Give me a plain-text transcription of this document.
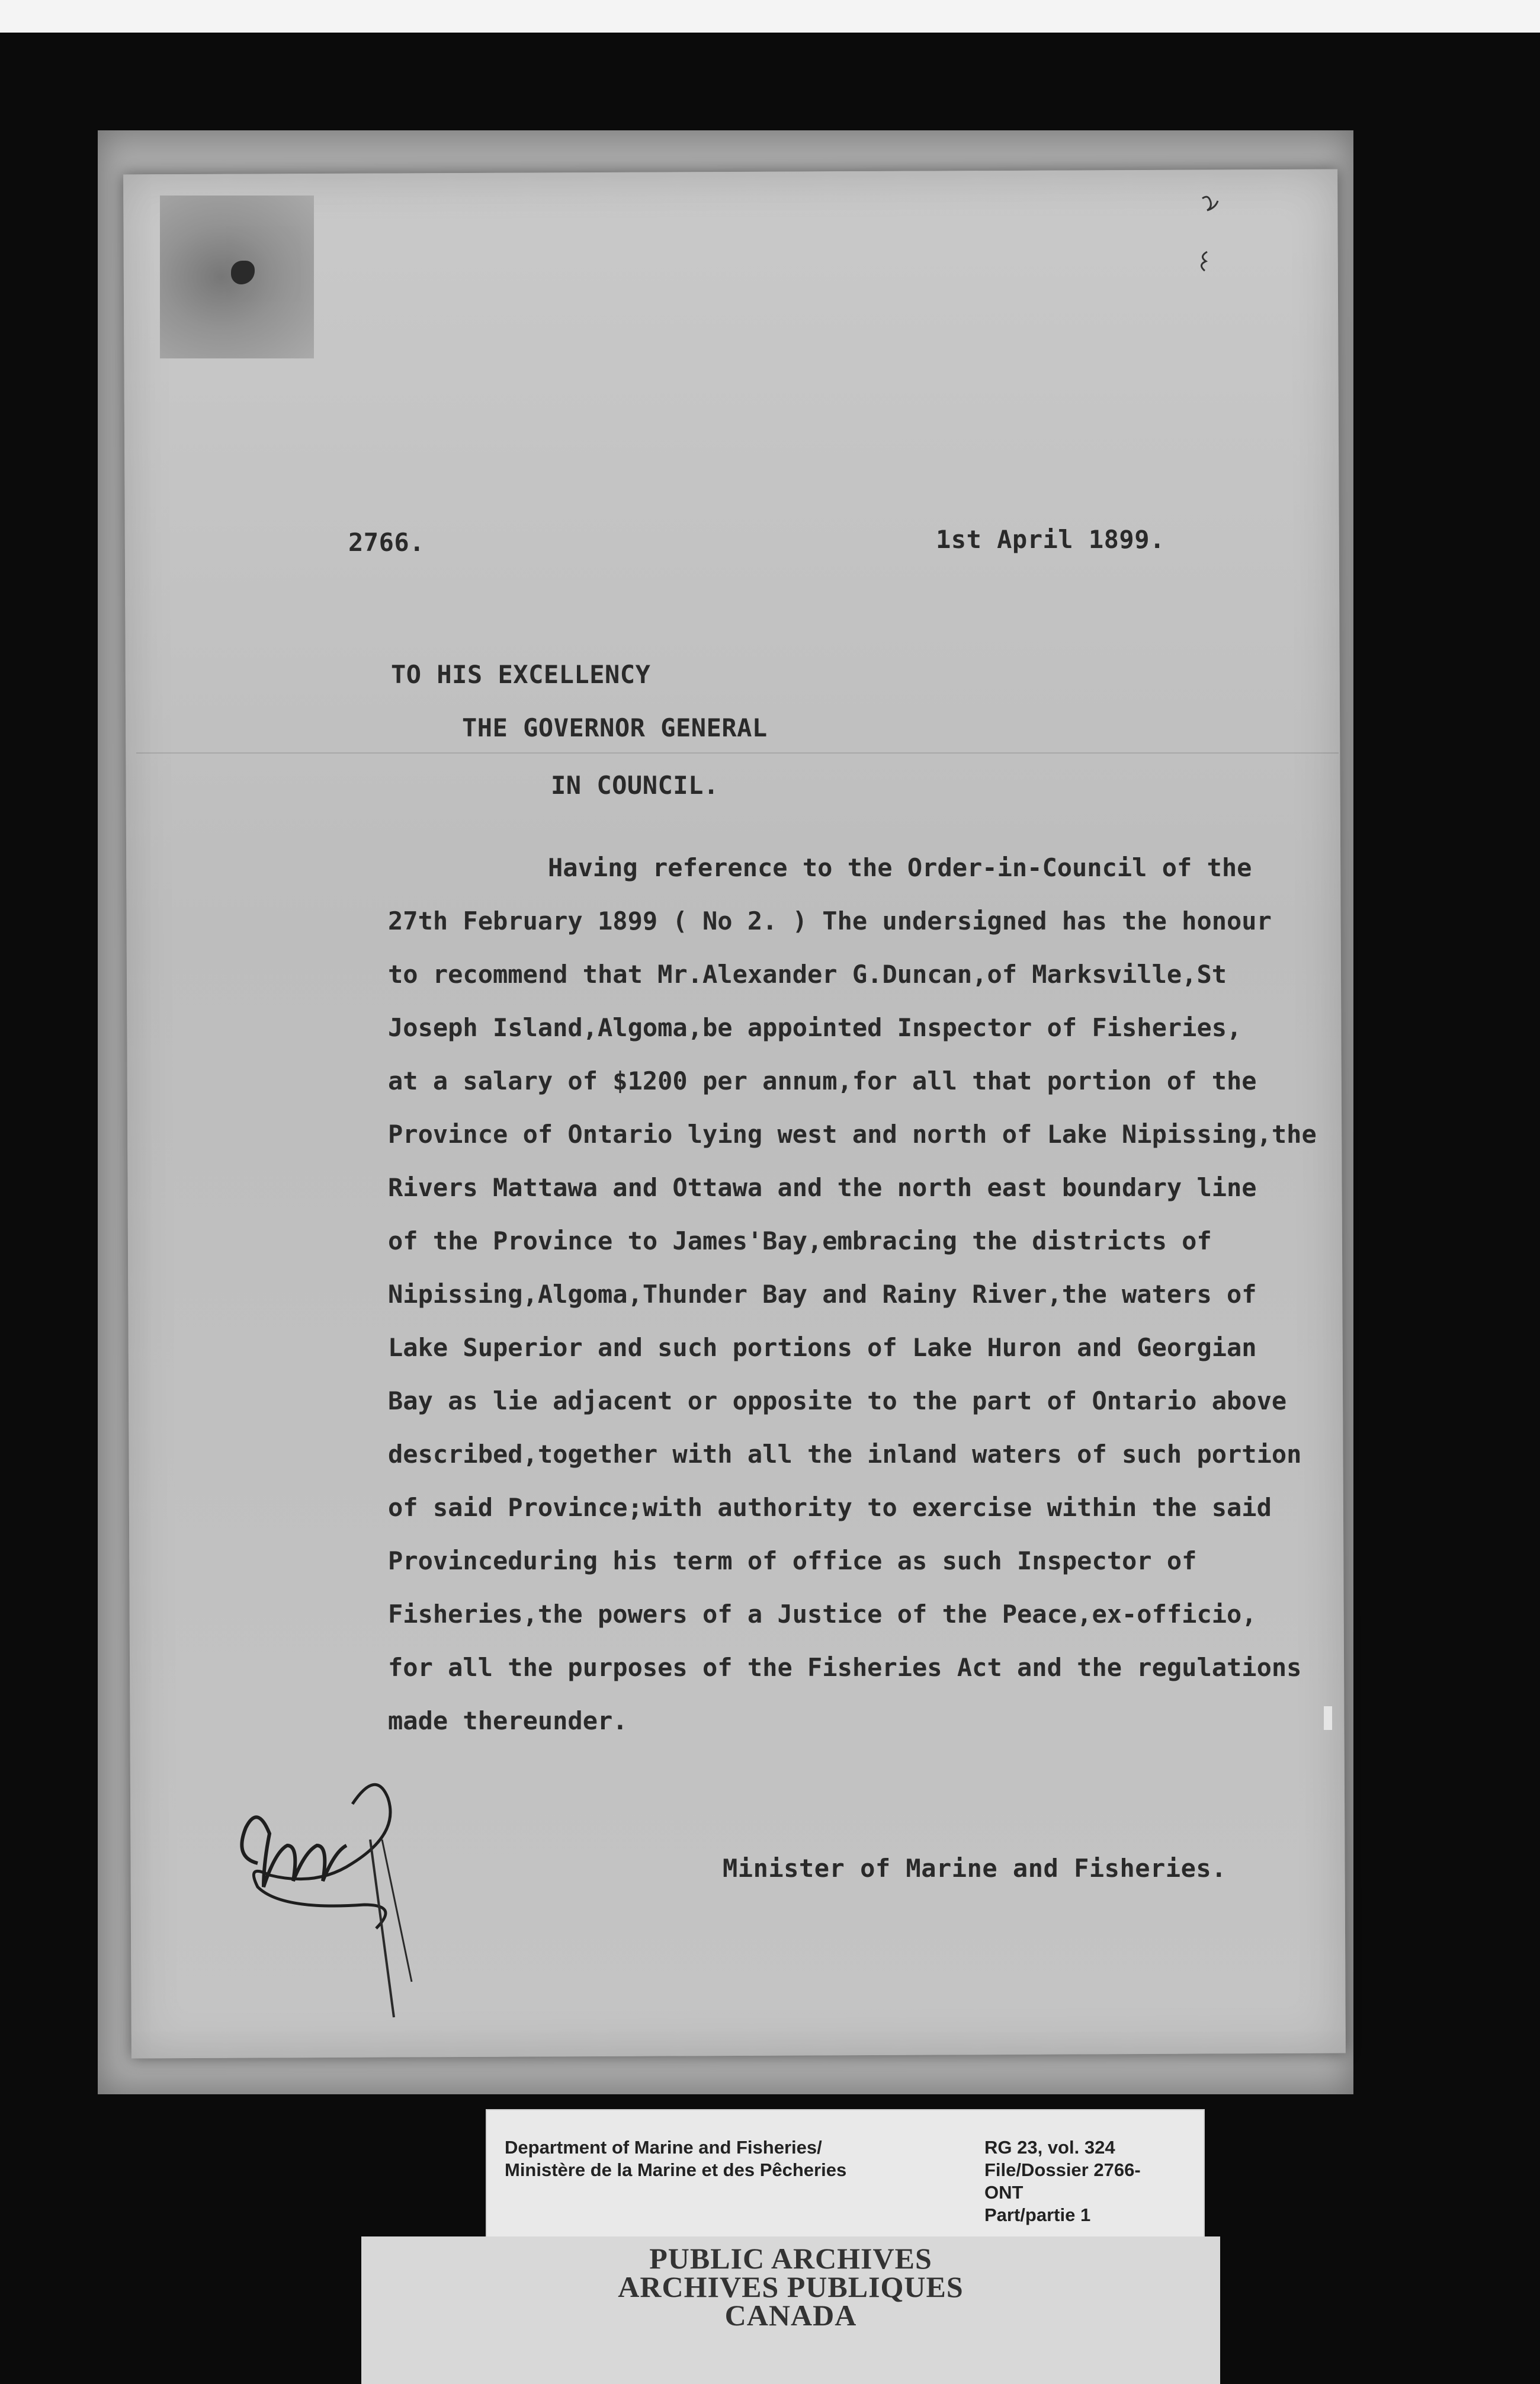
2766.	1st April 1899.
TO HIS EXCELLENCY
THE GOVERNOR GENERAL
IN COUNCIL.
Having reference to the Order-in-Council of the
27th February 1899 ( No 2. ) The undersigned has the honour
to recommend that Mr.Alexander G.Duncan,of Marksville,St
Joseph Island,Algoma,be appointed Inspector of Fisheries,
at a salary of $1200 per annum,for all that portion of the
Province of Ontario lying west and north of Lake Nipissing,the
Rivers Mattawa and Ottawa and the north east boundary line
of the Province to James'Bay,embracing the districts of
Nipissing,Algoma,Thunder Bay and Rainy River,the waters of
Lake Superior and such portions of Lake Huron and Georgian
Bay as lie adjacent or opposite to the part of Ontario above
described,together with all the inland waters of such portion
of said Province;with authority to exercise within the said
Provinceduring his term of office as such Inspector of
Fisheries,the powers of a Justice of the Peace,ex-officio,
for all the purposes of the Fisheries Act and the regulations
made thereunder.
Minister of Marine and Fisheries.
Department of Marine and Fisheries/
Ministère de la Marine et des Pêcheries
RG 23, vol. 324
File/Dossier 2766-
ONT
Part/partie 1
PUBLIC ARCHIVES
ARCHIVES PUBLIQUES
CANADA
